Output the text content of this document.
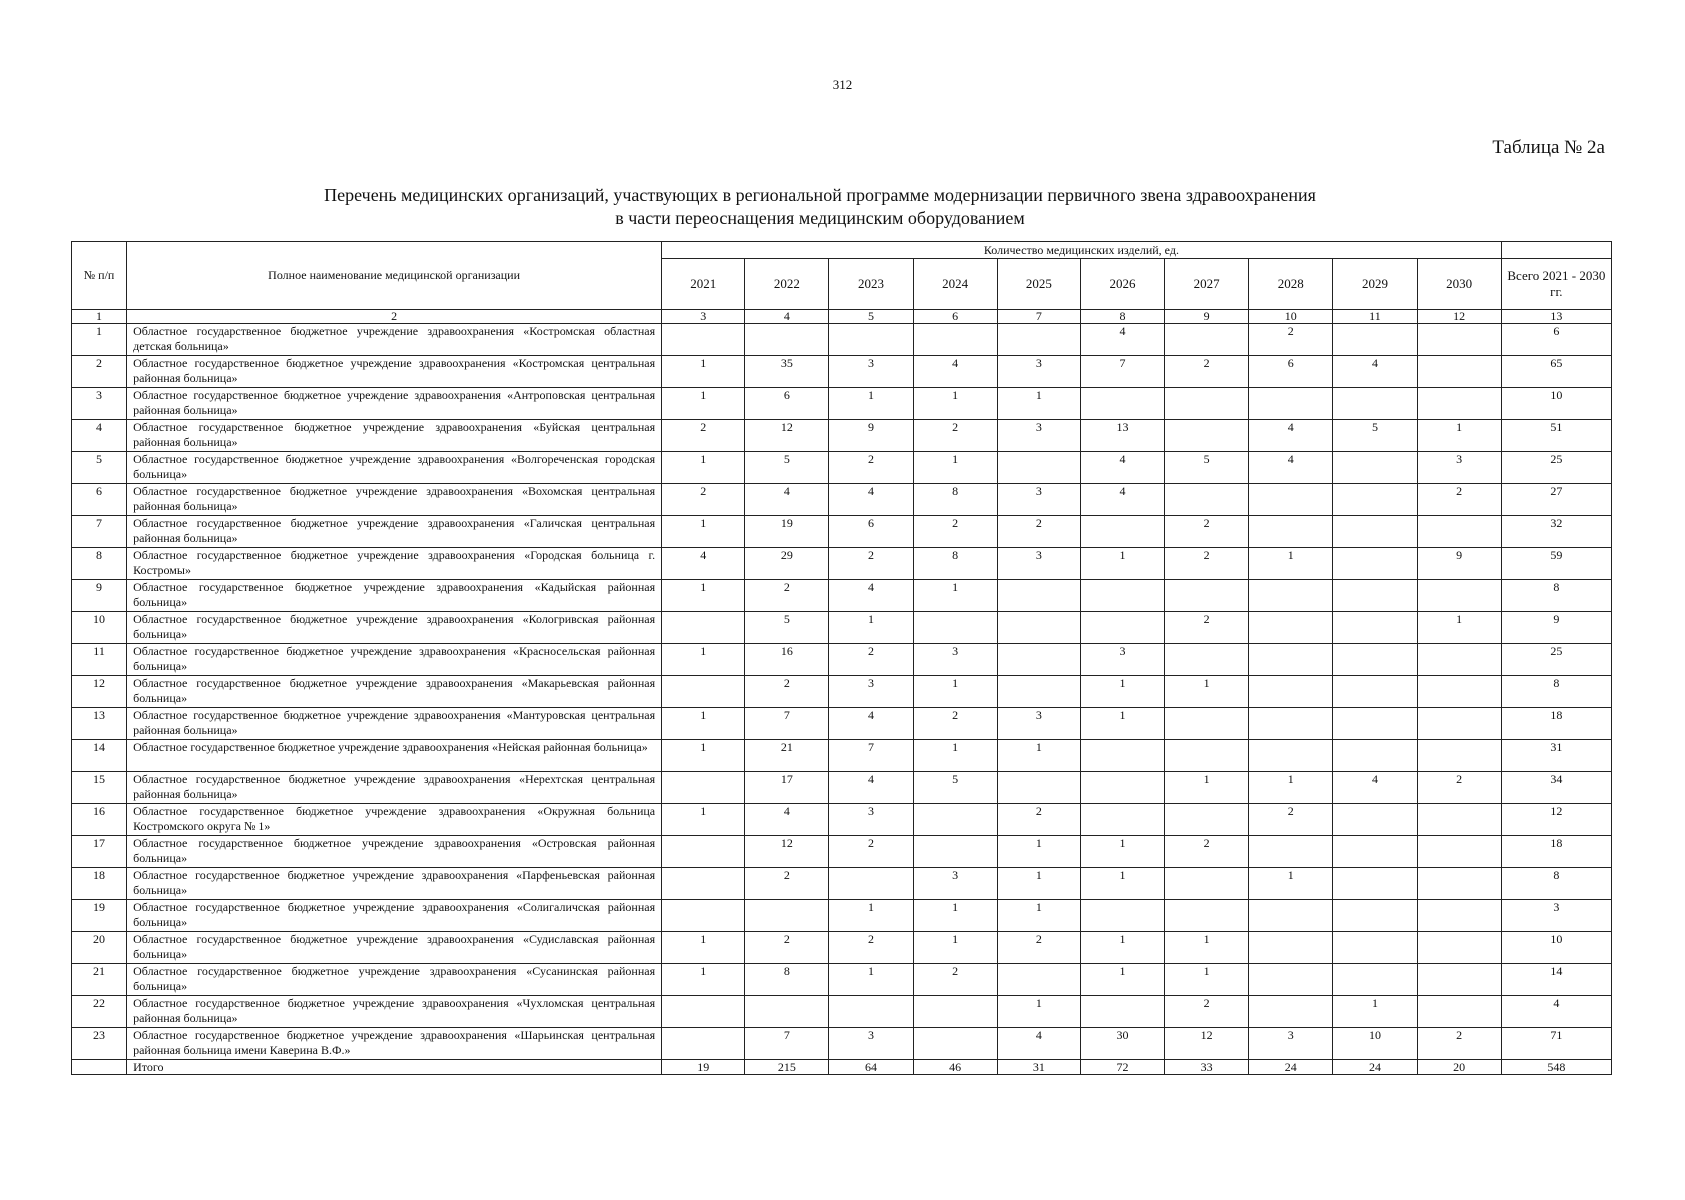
312
Таблица № 2а
Перечень медицинских организаций, участвующих в региональной программе модернизации первичного звена здравоохранения
в части переоснащения медицинским оборудованием
№ п/п	Полное наименование медицинской организации	Количество медицинских изделий, ед.										
		2021	2022	2023	2024	2025	2026	2027	2028	2029	2030	Всего 2021 - 2030 гг.
1	2	3	4	5	6	7	8	9	10	11	12	13
1	Областное государственное бюджетное учреждение здравоохранения «Костромская областная детская больница»						4		2			6
2	Областное государственное бюджетное учреждение здравоохранения «Костромская центральная районная больница»	1	35	3	4	3	7	2	6	4		65
3	Областное государственное бюджетное учреждение здравоохранения «Антроповская центральная районная больница»	1	6	1	1	1						10
4	Областное государственное бюджетное учреждение здравоохранения «Буйская центральная районная больница»	2	12	9	2	3	13		4	5	1	51
5	Областное государственное бюджетное учреждение здравоохранения «Волгореченская городская больница»	1	5	2	1		4	5	4		3	25
6	Областное государственное бюджетное учреждение здравоохранения «Вохомская центральная районная больница»	2	4	4	8	3	4				2	27
7	Областное государственное бюджетное учреждение здравоохранения «Галичская центральная районная больница»	1	19	6	2	2		2				32
8	Областное государственное бюджетное учреждение здравоохранения «Городская больница г. Костромы»	4	29	2	8	3	1	2	1		9	59
9	Областное государственное бюджетное учреждение здравоохранения «Кадыйская районная больница»	1	2	4	1							8
10	Областное государственное бюджетное учреждение здравоохранения «Кологривская районная больница»		5	1				2			1	9
11	Областное государственное бюджетное учреждение здравоохранения «Красносельская районная больница»	1	16	2	3		3					25
12	Областное государственное бюджетное учреждение здравоохранения «Макарьевская районная больница»		2	3	1		1	1				8
13	Областное государственное бюджетное учреждение здравоохранения «Мантуровская центральная районная больница»	1	7	4	2	3	1					18
14	Областное государственное бюджетное учреждение здравоохранения «Нейская районная больница»	1	21	7	1	1						31
15	Областное государственное бюджетное учреждение здравоохранения «Нерехтская центральная районная больница»		17	4	5			1	1	4	2	34
16	Областное государственное бюджетное учреждение здравоохранения «Окружная больница Костромского округа № 1»	1	4	3		2			2			12
17	Областное государственное бюджетное учреждение здравоохранения «Островская районная больница»		12	2		1	1	2				18
18	Областное государственное бюджетное учреждение здравоохранения «Парфеньевская районная больница»		2		3	1	1		1			8
19	Областное государственное бюджетное учреждение здравоохранения «Солигаличская районная больница»			1	1	1						3
20	Областное государственное бюджетное учреждение здравоохранения «Судиславская районная больница»	1	2	2	1	2	1	1				10
21	Областное государственное бюджетное учреждение здравоохранения «Сусанинская районная больница»	1	8	1	2		1	1				14
22	Областное государственное бюджетное учреждение здравоохранения «Чухломская центральная районная больница»					1		2		1		4
23	Областное государственное бюджетное учреждение здравоохранения «Шарьинская центральная районная больница имени Каверина В.Ф.»		7	3		4	30	12	3	10	2	71
	Итого	19	215	64	46	31	72	33	24	24	20	548
